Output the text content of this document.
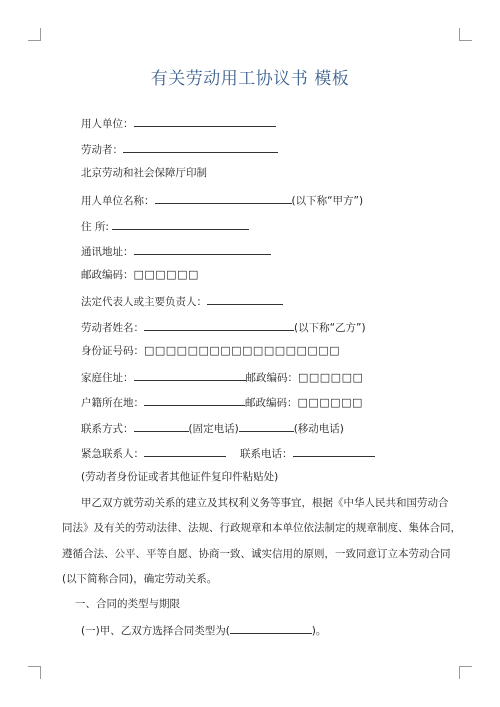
有关劳动用工协议书 模板
用人单位：
劳动者：
北京劳动和社会保障厅印制
用人单位名称：	(以下称“甲方”)
住 所:
通讯地址：
邮政编码：□□□□□□
法定代表人或主要负责人：
劳动者姓名：	(以下称“乙方”)
身份证号码：□□□□□□□□□□□□□□□□□□
家庭住址：	邮政编码：□□□□□□
户籍所在地：	邮政编码：□□□□□□
联系方式：	(固定电话)	(移动电话)
紧急联系人：	联系电话：
(劳动者身份证或者其他证件复印件粘贴处)
甲乙双方就劳动关系的建立及其权利义务等事宜，根据《中华人民共和国劳动合
同法》及有关的劳动法律、法规、行政规章和本单位依法制定的规章制度、集体合同，
遵循合法、公平、平等自愿、协商一致、诚实信用的原则，一致同意订立本劳动合同
(以下简称合同)，确定劳动关系。
一、合同的类型与期限
(一)甲、乙双方选择合同类型为(	)。
